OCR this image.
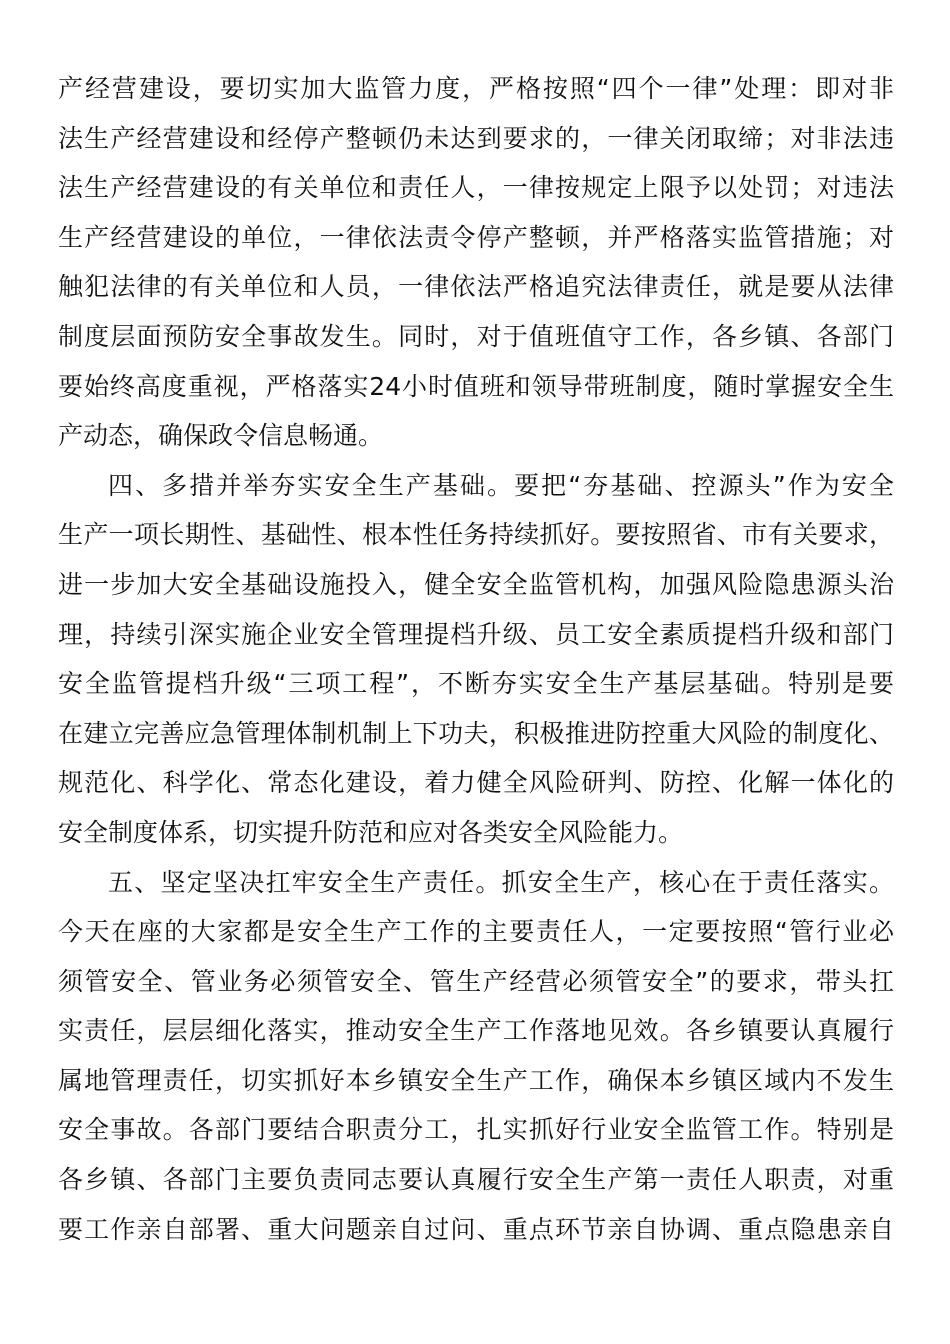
产经营建设，要切实加大监管力度，严格按照“四个一律”处理：即对非
法生产经营建设和经停产整顿仍未达到要求的，一律关闭取缔；对非法违
法生产经营建设的有关单位和责任人，一律按规定上限予以处罚；对违法
生产经营建设的单位，一律依法责令停产整顿，并严格落实监管措施；对
触犯法律的有关单位和人员，一律依法严格追究法律责任，就是要从法律
制度层面预防安全事故发生。同时，对于值班值守工作，各乡镇、各部门
要始终高度重视，严格落实24小时值班和领导带班制度，随时掌握安全生
产动态，确保政令信息畅通。
四、多措并举夯实安全生产基础。要把“夯基础、控源头”作为安全
生产一项长期性、基础性、根本性任务持续抓好。要按照省、市有关要求，
进一步加大安全基础设施投入，健全安全监管机构，加强风险隐患源头治
理，持续引深实施企业安全管理提档升级、员工安全素质提档升级和部门
安全监管提档升级“三项工程”，不断夯实安全生产基层基础。特别是要
在建立完善应急管理体制机制上下功夫，积极推进防控重大风险的制度化、
规范化、科学化、常态化建设，着力健全风险研判、防控、化解一体化的
安全制度体系，切实提升防范和应对各类安全风险能力。
五、坚定坚决扛牢安全生产责任。抓安全生产，核心在于责任落实。
今天在座的大家都是安全生产工作的主要责任人，一定要按照“管行业必
须管安全、管业务必须管安全、管生产经营必须管安全”的要求，带头扛
实责任，层层细化落实，推动安全生产工作落地见效。各乡镇要认真履行
属地管理责任，切实抓好本乡镇安全生产工作，确保本乡镇区域内不发生
安全事故。各部门要结合职责分工，扎实抓好行业安全监管工作。特别是
各乡镇、各部门主要负责同志要认真履行安全生产第一责任人职责，对重
要工作亲自部署、重大问题亲自过问、重点环节亲自协调、重点隐患亲自
